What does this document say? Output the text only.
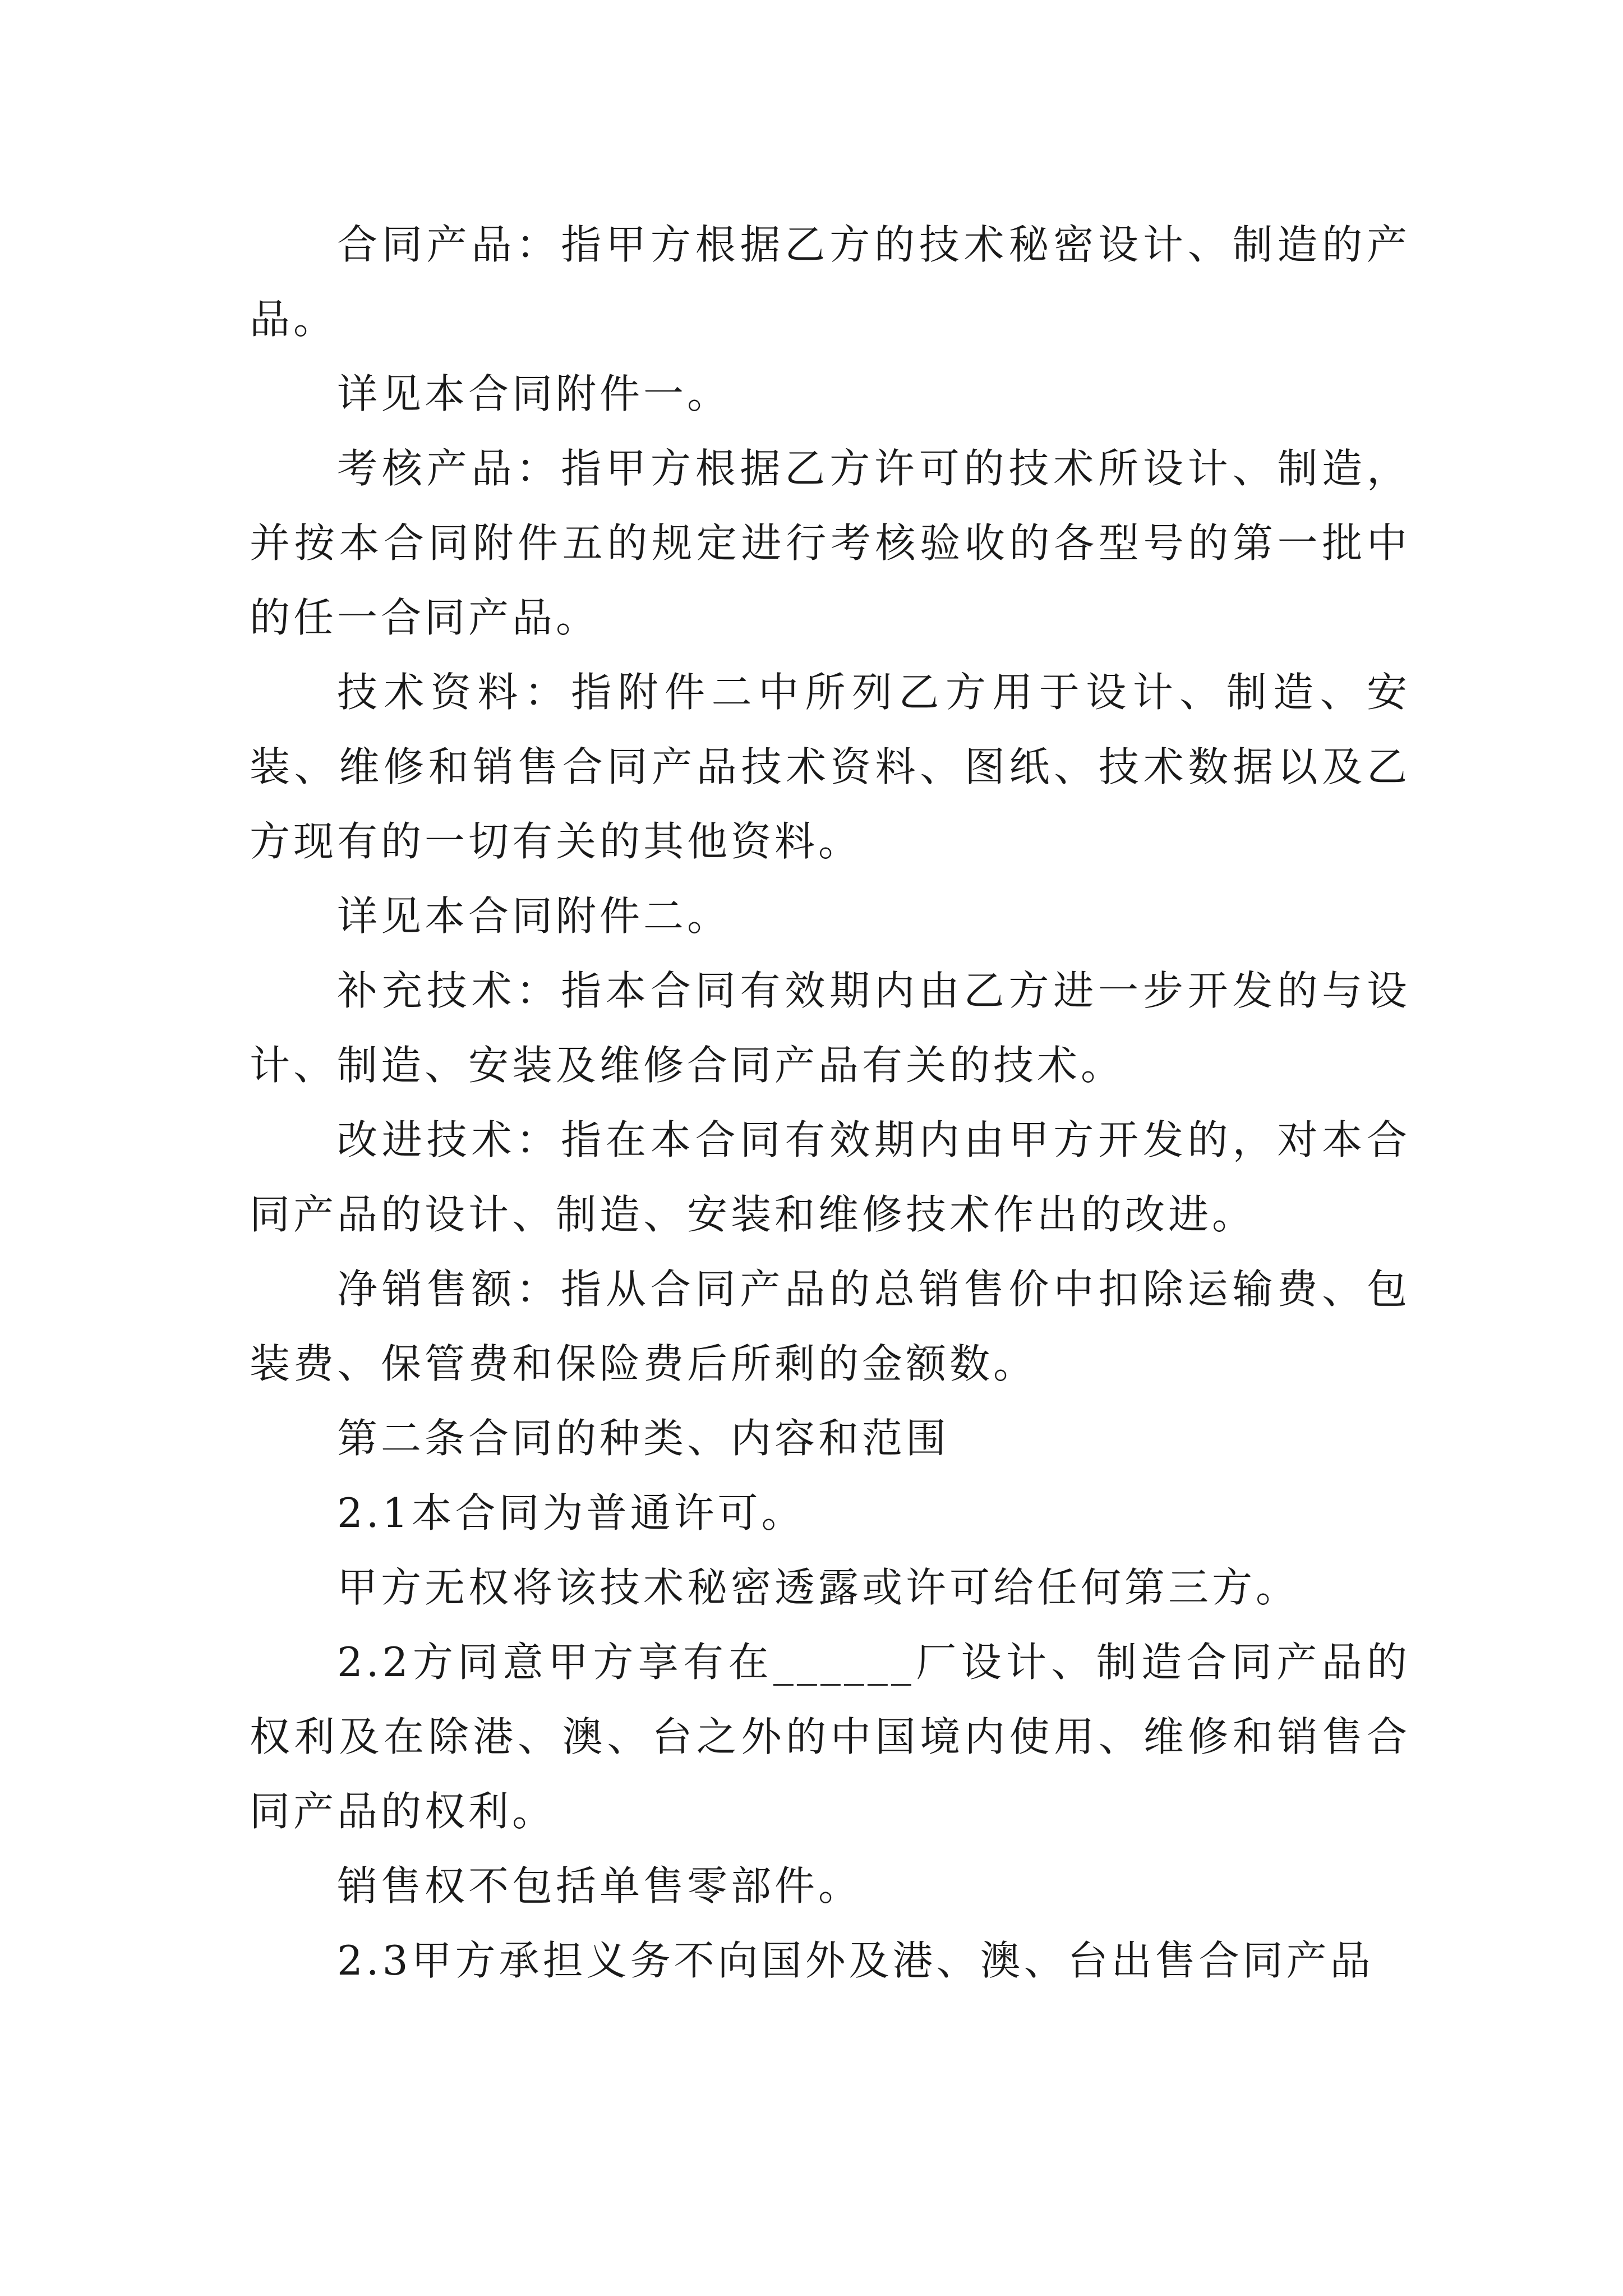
合同产品：指甲方根据乙方的技术秘密设计、制造的产品。

详见本合同附件一。

考核产品：指甲方根据乙方许可的技术所设计、制造，并按本合同附件五的规定进行考核验收的各型号的第一批中的任一合同产品。

技术资料：指附件二中所列乙方用于设计、制造、安装、维修和销售合同产品技术资料、图纸、技术数据以及乙方现有的一切有关的其他资料。

详见本合同附件二。

补充技术：指本合同有效期内由乙方进一步开发的与设计、制造、安装及维修合同产品有关的技术。

改进技术：指在本合同有效期内由甲方开发的，对本合同产品的设计、制造、安装和维修技术作出的改进。

净销售额：指从合同产品的总销售价中扣除运输费、包装费、保管费和保险费后所剩的金额数。

第二条合同的种类、内容和范围

2.1本合同为普通许可。

甲方无权将该技术秘密透露或许可给任何第三方。

2.2方同意甲方享有在______厂设计、制造合同产品的权利及在除港、澳、台之外的中国境内使用、维修和销售合同产品的权利。

销售权不包括单售零部件。

2.3甲方承担义务不向国外及港、澳、台出售合同产品
